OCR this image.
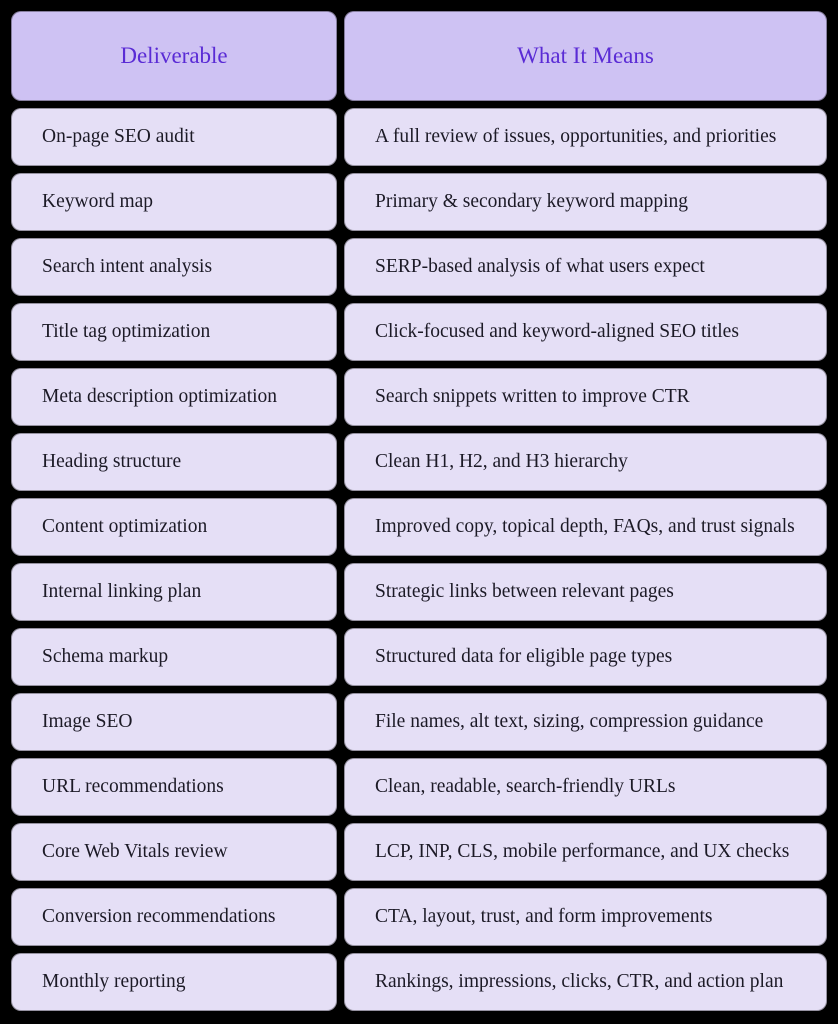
Deliverable	What It Means
On-page SEO audit	A full review of issues, opportunities, and priorities
Keyword map	Primary & secondary keyword mapping
Search intent analysis	SERP-based analysis of what users expect
Title tag optimization	Click-focused and keyword-aligned SEO titles
Meta description optimization	Search snippets written to improve CTR
Heading structure	Clean H1, H2, and H3 hierarchy
Content optimization	Improved copy, topical depth, FAQs, and trust signals
Internal linking plan	Strategic links between relevant pages
Schema markup	Structured data for eligible page types
Image SEO	File names, alt text, sizing, compression guidance
URL recommendations	Clean, readable, search-friendly URLs
Core Web Vitals review	LCP, INP, CLS, mobile performance, and UX checks
Conversion recommendations	CTA, layout, trust, and form improvements
Monthly reporting	Rankings, impressions, clicks, CTR, and action plan
